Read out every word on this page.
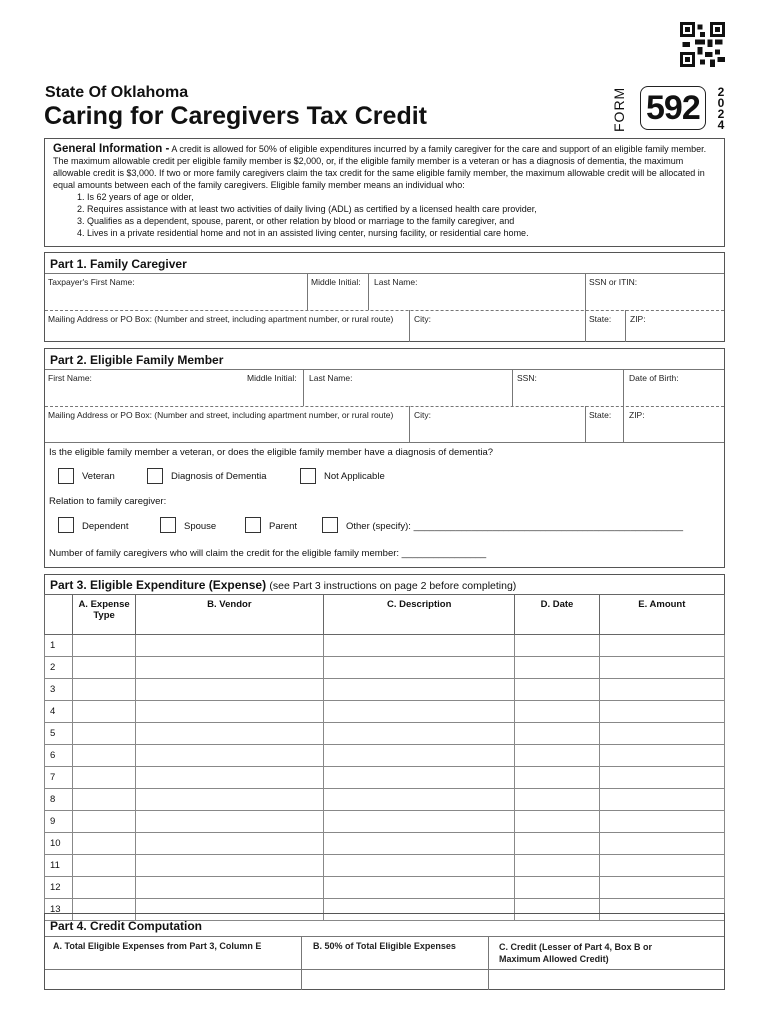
State Of Oklahoma
Caring for Caregivers Tax Credit	FORM 592	2
0
2
4
General Information - A credit is allowed for 50% of eligible expenditures incurred by a family caregiver for the care and support of an eligible family member. The maximum allowable credit per eligible family member is $2,000, or, if the eligible family member is a veteran or has a diagnosis of dementia, the maximum allowable credit is $3,000. If two or more family caregivers claim the tax credit for the same eligible family member, the maximum allowable credit will be allocated in equal amounts between each of the family caregivers. Eligible family member means an individual who:
1. Is 62 years of age or older,
2. Requires assistance with at least two activities of daily living (ADL) as certified by a licensed health care provider,
3. Qualifies as a dependent, spouse, parent, or other relation by blood or marriage to the family caregiver, and
4. Lives in a private residential home and not in an assisted living center, nursing facility, or residential care home.
Part 1. Family Caregiver
Taxpayer's First Name:	Middle Initial: Last Name:	SSN or ITIN:
Mailing Address or PO Box: (Number and street, including apartment number, or rural route) City:	State: ZIP:
Part 2. Eligible Family Member
First Name:	Middle Initial: Last Name:	SSN:	Date of Birth:
Mailing Address or PO Box: (Number and street, including apartment number, or rural route) City:	State: ZIP:
Is the eligible family member a veteran, or does the eligible family member have a diagnosis of dementia?
Veteran	Diagnosis of Dementia	Not Applicable
Relation to family caregiver:
Dependent	Spouse	Parent	Other (specify): ___________________________________________________
Number of family caregivers who will claim the credit for the eligible family member: ________________
Part 3. Eligible Expenditure (Expense) (see Part 3 instructions on page 2 before completing)
	A. Expense Type	B. Vendor	C. Description	D. Date	E. Amount
1					
2					
3					
4					
5					
6					
7					
8					
9					
10					
11					
12					
13					
Part 4. Credit Computation
A. Total Eligible Expenses from Part 3, Column E	B. 50% of Total Eligible Expenses	C. Credit (Lesser of Part 4, Box B or Maximum Allowed Credit)
